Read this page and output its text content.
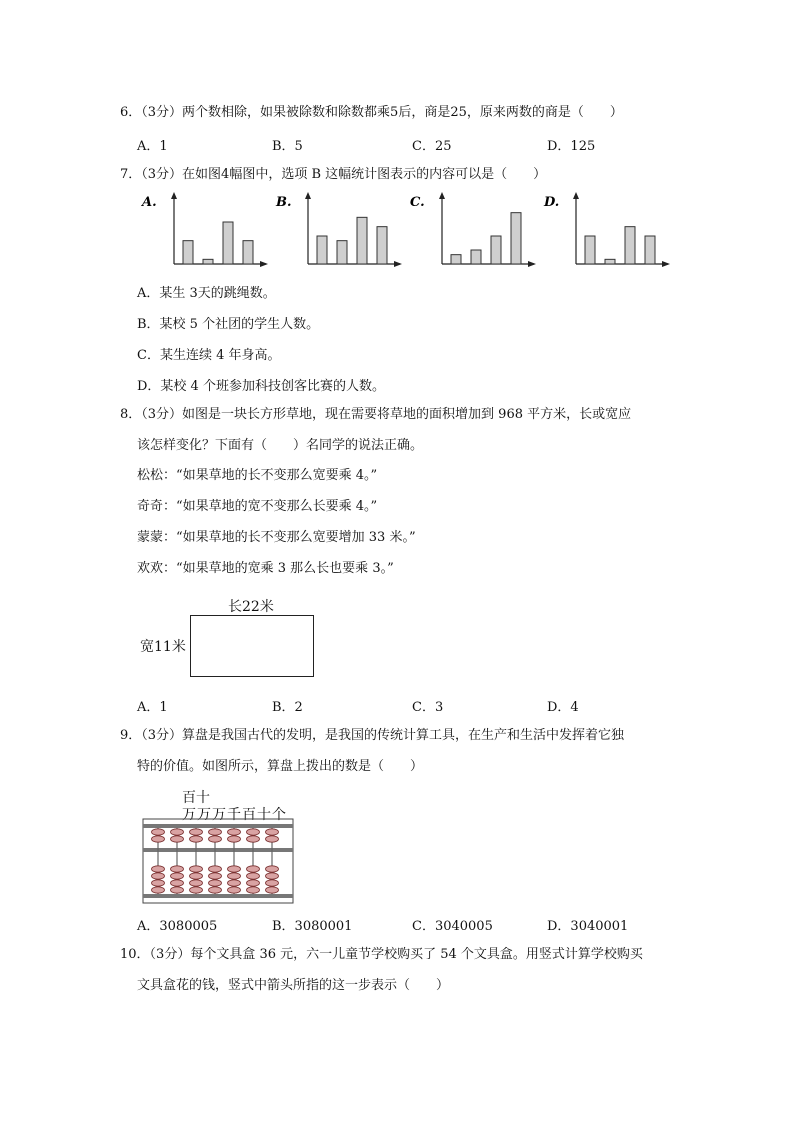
6．（3分）两个数相除，如果被除数和除数都乘5后，商是25，原来两数的商是（　　）
A．1	B．5	C．25	D．125
7．（3分）在如图4幅图中，选项 B 这幅统计图表示的内容可以是（　　）
A.	B.	C.	D.
A．某生 3天的跳绳数。
B．某校 5 个社团的学生人数。
C．某生连续 4 年身高。
D．某校 4 个班参加科技创客比赛的人数。
8．（3分）如图是一块长方形草地，现在需要将草地的面积增加到 968 平方米，长或宽应
该怎样变化？下面有（　　）名同学的说法正确。
松松：“如果草地的长不变那么宽要乘 4。”
奇奇：“如果草地的宽不变那么长要乘 4。”
蒙蒙：“如果草地的长不变那么宽要增加 33 米。”
欢欢：“如果草地的宽乘 3 那么长也要乘 3。”
长22米
宽11米
A．1	B．2	C．3	D．4
9．（3分）算盘是我国古代的发明，是我国的传统计算工具，在生产和生活中发挥着它独
特的价值。如图所示，算盘上拨出的数是（　　）
百十
万万万千百十个
A．3080005	B．3080001	C．3040005	D．3040001
10．（3分）每个文具盒 36 元，六一儿童节学校购买了 54 个文具盒。用竖式计算学校购买
文具盒花的钱，竖式中箭头所指的这一步表示（　　）
